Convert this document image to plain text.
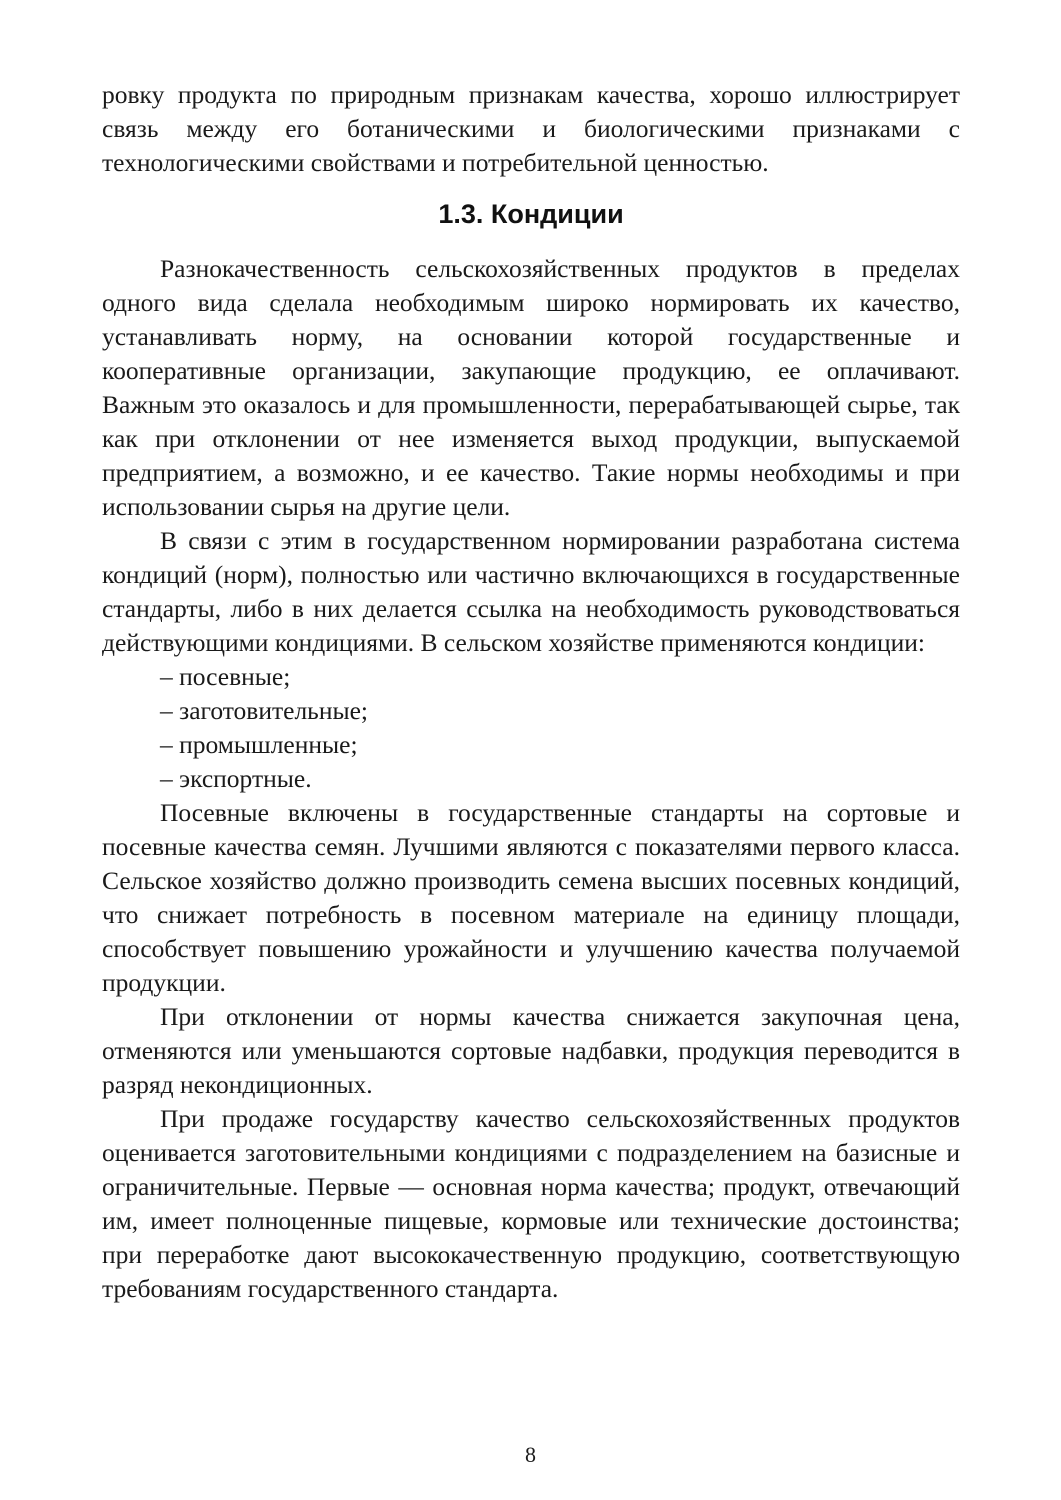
ровку продукта по природным признакам качества, хорошо иллюстрирует связь между его ботаническими и биологическими признаками с технологическими свойствами и потребительной ценностью.

1.3. Кондиции

Разнокачественность сельскохозяйственных продуктов в пределах одного вида сделала необходимым широко нормировать их качество, устанавливать норму, на основании которой государственные и кооперативные организации, закупающие продукцию, ее оплачивают. Важным это оказалось и для промышленности, перерабатывающей сырье, так как при отклонении от нее изменяется выход продукции, выпускаемой предприятием, а возможно, и ее качество. Такие нормы необходимы и при использовании сырья на другие цели.

В связи с этим в государственном нормировании разработана система кондиций (норм), полностью или частично включающихся в государственные стандарты, либо в них делается ссылка на необходимость руководствоваться действующими кондициями. В сельском хозяйстве применяются кондиции:

– посевные;
– заготовительные;
– промышленные;
– экспортные.

Посевные включены в государственные стандарты на сортовые и посевные качества семян. Лучшими являются с показателями первого класса. Сельское хозяйство должно производить семена высших посевных кондиций, что снижает потребность в посевном материале на единицу площади, способствует повышению урожайности и улучшению качества получаемой продукции.

При отклонении от нормы качества снижается закупочная цена, отменяются или уменьшаются сортовые надбавки, продукция переводится в разряд некондиционных.

При продаже государству качество сельскохозяйственных продуктов оценивается заготовительными кондициями с подразделением на базисные и ограничительные. Первые — основная норма качества; продукт, отвечающий им, имеет полноценные пищевые, кормовые или технические достоинства; при переработке дают высококачественную продукцию, соответствующую требованиям государственного стандарта.

8
